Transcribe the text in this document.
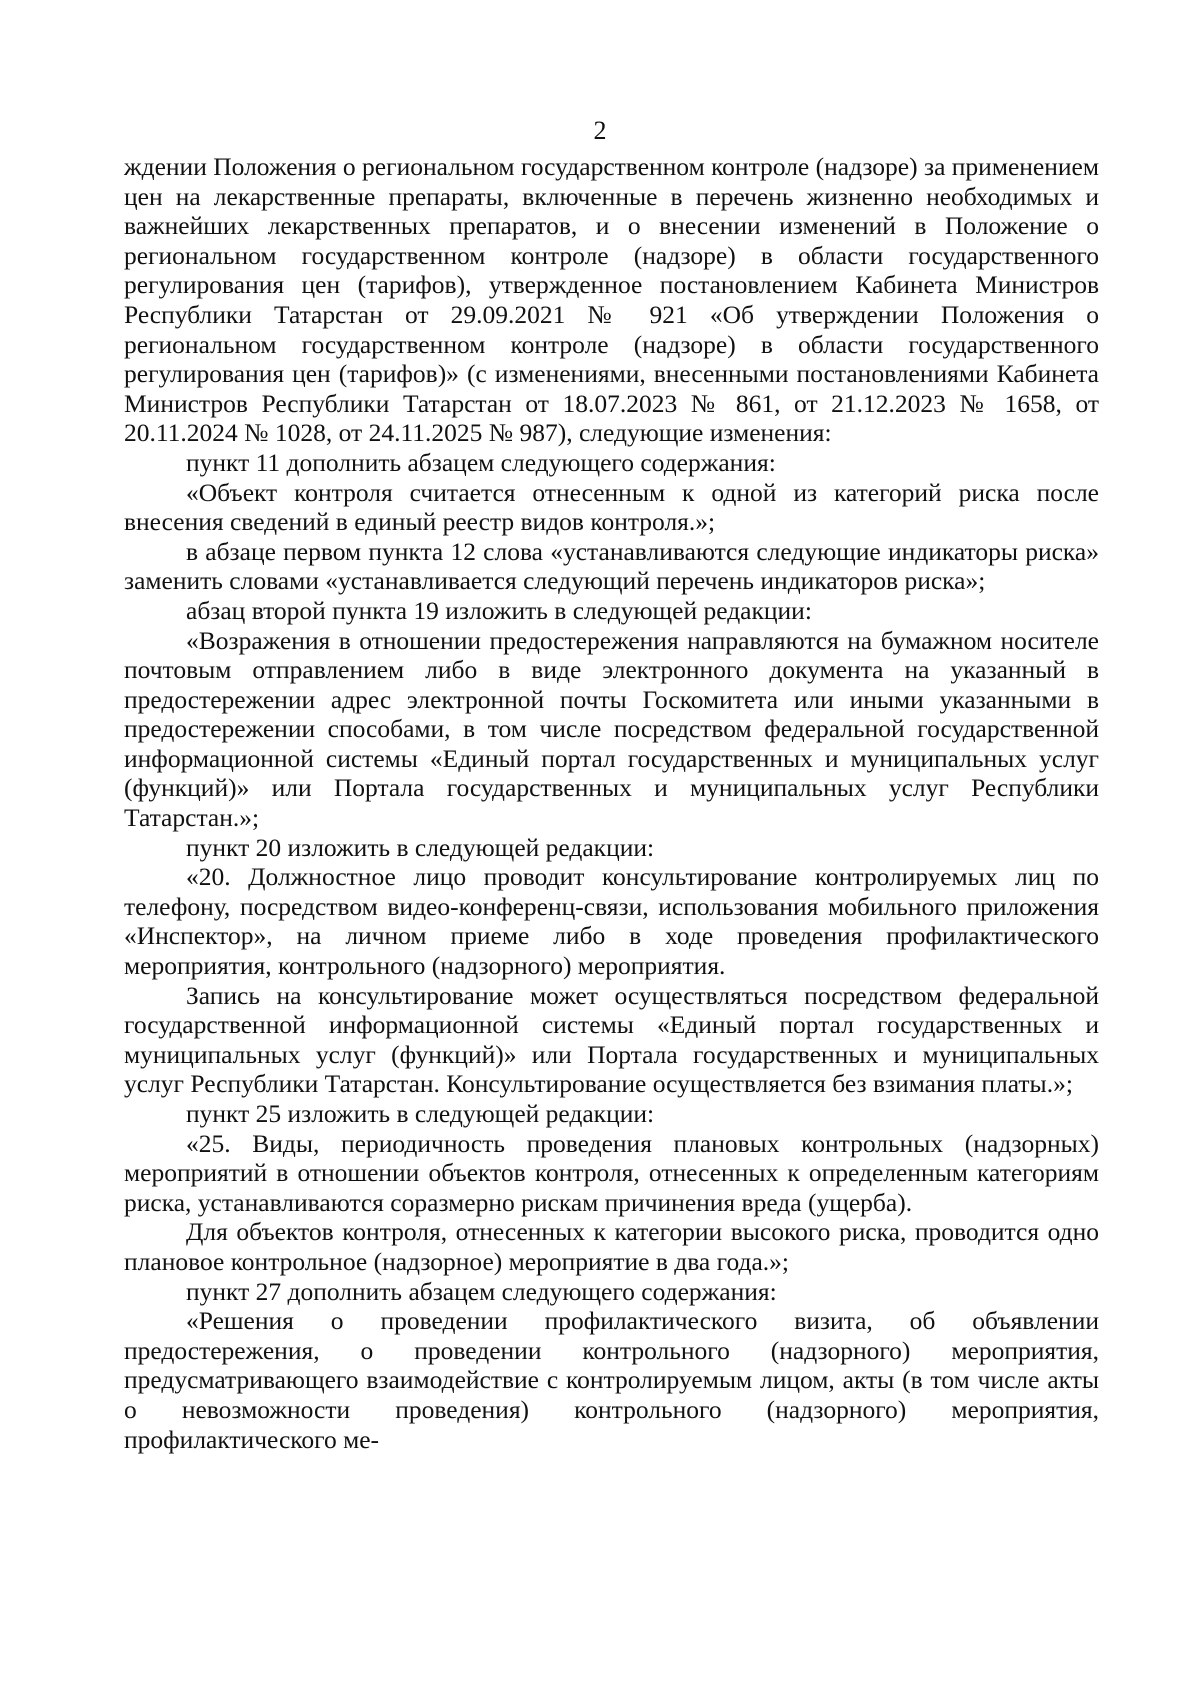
2

ждении Положения о региональном государственном контроле (надзоре) за применением цен на лекарственные препараты, включенные в перечень жизненно необходимых и важнейших лекарственных препаратов, и о внесении изменений в Положение о региональном государственном контроле (надзоре) в области государственного регулирования цен (тарифов), утвержденное постановлением Кабинета Министров Республики Татарстан от 29.09.2021 № 921 «Об утверждении Положения о региональном государственном контроле (надзоре) в области государственного регулирования цен (тарифов)» (с изменениями, внесенными постановлениями Кабинета Министров Республики Татарстан от 18.07.2023 № 861, от 21.12.2023 № 1658, от 20.11.2024 № 1028, от 24.11.2025 № 987), следующие изменения:

пункт 11 дополнить абзацем следующего содержания:

«Объект контроля считается отнесенным к одной из категорий риска после внесения сведений в единый реестр видов контроля.»;

в абзаце первом пункта 12 слова «устанавливаются следующие индикаторы риска» заменить словами «устанавливается следующий перечень индикаторов риска»;

абзац второй пункта 19 изложить в следующей редакции:

«Возражения в отношении предостережения направляются на бумажном носителе почтовым отправлением либо в виде электронного документа на указанный в предостережении адрес электронной почты Госкомитета или иными указанными в предостережении способами, в том числе посредством федеральной государственной информационной системы «Единый портал государственных и муниципальных услуг (функций)» или Портала государственных и муниципальных услуг Республики Татарстан.»;

пункт 20 изложить в следующей редакции:

«20. Должностное лицо проводит консультирование контролируемых лиц по телефону, посредством видео-конференц-связи, использования мобильного приложения «Инспектор», на личном приеме либо в ходе проведения профилактического мероприятия, контрольного (надзорного) мероприятия.

Запись на консультирование может осуществляться посредством федеральной государственной информационной системы «Единый портал государственных и муниципальных услуг (функций)» или Портала государственных и муниципальных услуг Республики Татарстан. Консультирование осуществляется без взимания платы.»;

пункт 25 изложить в следующей редакции:

«25. Виды, периодичность проведения плановых контрольных (надзорных) мероприятий в отношении объектов контроля, отнесенных к определенным категориям риска, устанавливаются соразмерно рискам причинения вреда (ущерба).

Для объектов контроля, отнесенных к категории высокого риска, проводится одно плановое контрольное (надзорное) мероприятие в два года.»;

пункт 27 дополнить абзацем следующего содержания:

«Решения о проведении профилактического визита, об объявлении предостережения, о проведении контрольного (надзорного) мероприятия, предусматривающего взаимодействие с контролируемым лицом, акты (в том числе акты о невозможности проведения) контрольного (надзорного) мероприятия, профилактического ме-
